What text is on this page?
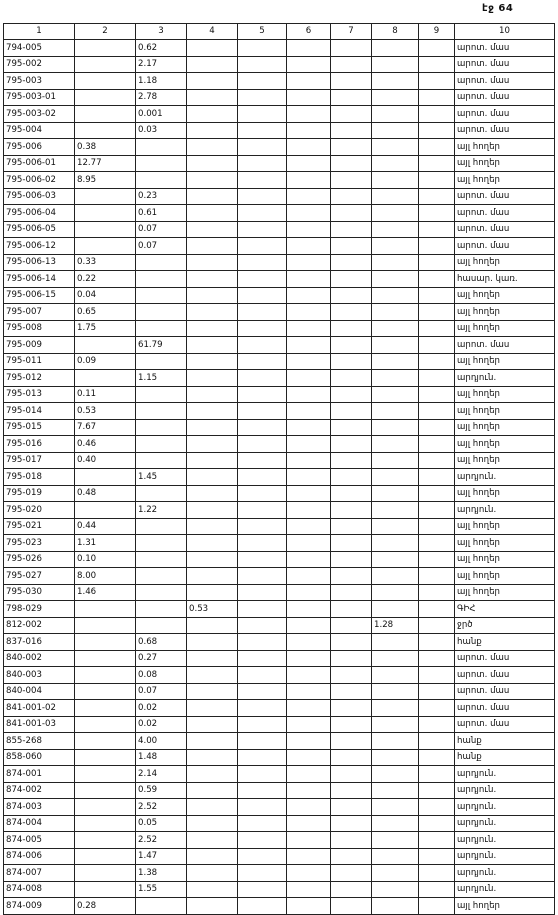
էջ 64
1	2	3	4	5	6	7	8	9	10
794-005		0.62							արոտ. մաս
795-002		2.17							արոտ. մաս
795-003		1.18							արոտ. մաս
795-003-01		2.78							արոտ. մաս
795-003-02		0.001							արոտ. մաս
795-004		0.03							արոտ. մաս
795-006	0.38								այլ հողեր
795-006-01	12.77								այլ հողեր
795-006-02	8.95								այլ հողեր
795-006-03		0.23							արոտ. մաս
795-006-04		0.61							արոտ. մաս
795-006-05		0.07							արոտ. մաս
795-006-12		0.07							արոտ. մաս
795-006-13	0.33								այլ հողեր
795-006-14	0.22								հասար. կառ.
795-006-15	0.04								այլ հողեր
795-007	0.65								այլ հողեր
795-008	1.75								այլ հողեր
795-009		61.79							արոտ. մաս
795-011	0.09								այլ հողեր
795-012		1.15							արդյուն.
795-013	0.11								այլ հողեր
795-014	0.53								այլ հողեր
795-015	7.67								այլ հողեր
795-016	0.46								այլ հողեր
795-017	0.40								այլ հողեր
795-018		1.45							արդյուն.
795-019	0.48								այլ հողեր
795-020		1.22							արդյուն.
795-021	0.44								այլ հողեր
795-023	1.31								այլ հողեր
795-026	0.10								այլ հողեր
795-027	8.00								այլ հողեր
795-030	1.46								այլ հողեր
798-029			0.53						ԳԻՀ
812-002							1.28		ջրծ
837-016		0.68							հանք
840-002		0.27							արոտ. մաս
840-003		0.08							արոտ. մաս
840-004		0.07							արոտ. մաս
841-001-02		0.02							արոտ. մաս
841-001-03		0.02							արոտ. մաս
855-268		4.00							հանք
858-060		1.48							հանք
874-001		2.14							արդյուն.
874-002		0.59							արդյուն.
874-003		2.52							արդյուն.
874-004		0.05							արդյուն.
874-005		2.52							արդյուն.
874-006		1.47							արդյուն.
874-007		1.38							արդյուն.
874-008		1.55							արդյուն.
874-009	0.28								այլ հողեր
